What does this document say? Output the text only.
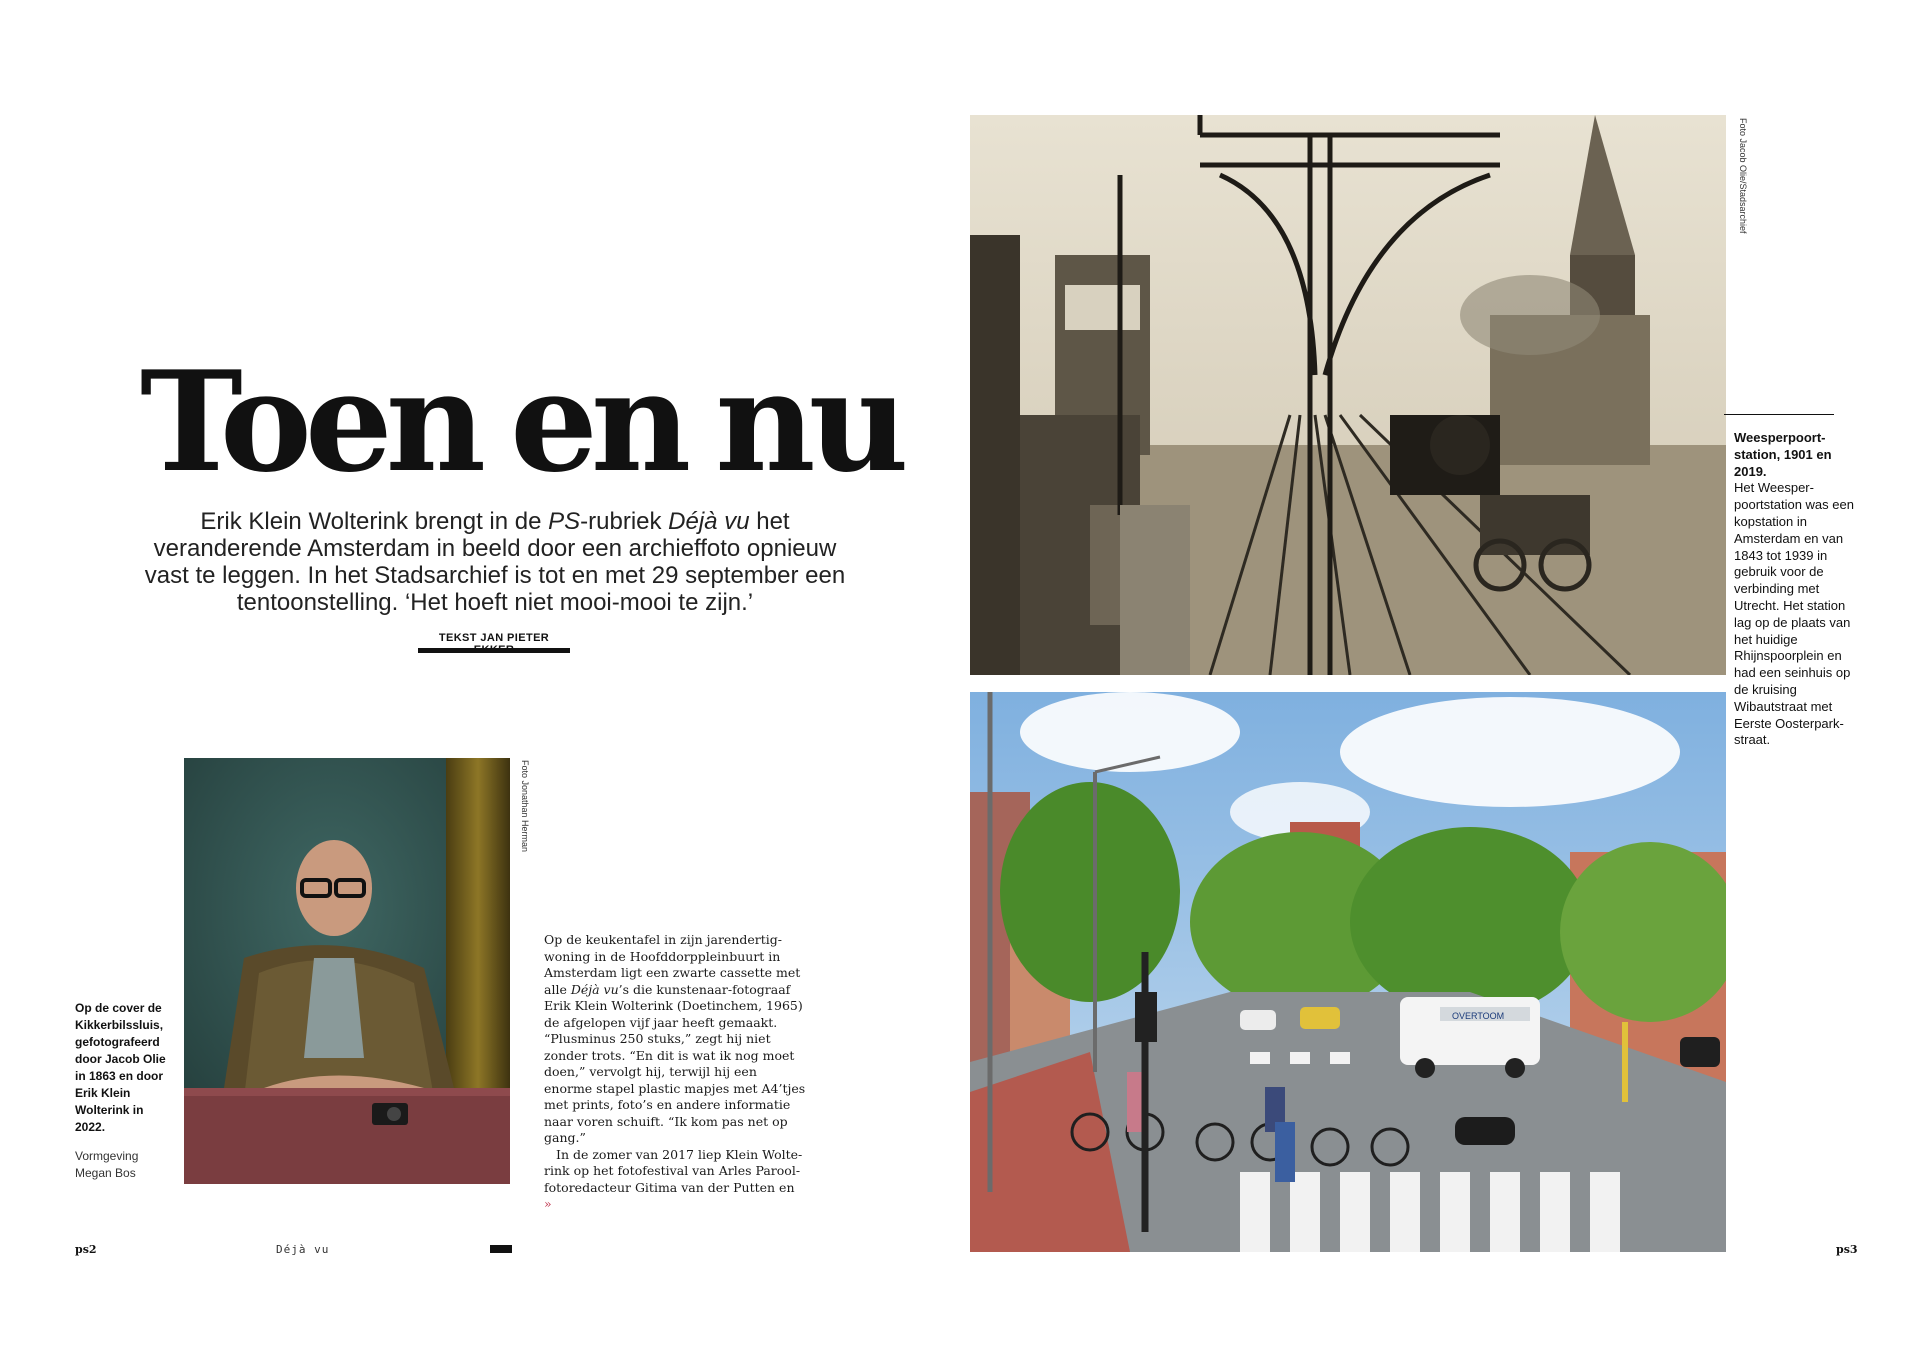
Toen en nu
Erik Klein Wolterink brengt in de PS-rubriek Déjà vu het veranderende Amsterdam in beeld door een archieffoto opnieuw vast te leggen. In het Stadsarchief is tot en met 29 september een tentoonstelling. ‘Het hoeft niet mooi-mooi te zijn.’
TEKST JAN PIETER
Foto Jonathan Herman
Op de cover de Kikkerbilssluis, gefotografeerd door Jacob Olie in 1863 en door Erik Klein Wolterink in 2022.
Vormgeving Megan Bos

Op de keukentafel in zijn jarendertigwoning in de Hoofddorppleinbuurt in Amsterdam ligt een zwarte cassette met alle Déjà vu’s die kunstenaar-fotograaf Erik Klein Wolterink (Doetinchem, 1965) de afgelopen vijf jaar heeft gemaakt. “Plusminus 250 stuks,” zegt hij niet zonder trots. “En dit is wat ik nog moet doen,” vervolgt hij, terwijl hij een enorme stapel plastic mapjes met A4’tjes met prints, foto’s en andere informatie naar voren schuift. “Ik kom pas net op gang.”

In de zomer van 2017 liep Klein Wolterink op het fotofestival van Arles Parool-fotoredacteur Gitima van der Putten en »

ps2	Déjà vu
Foto Jacob Olie/Stadsarchief
OVERTOOM
Weesperpoortstation, 1901 en 2019.
Het Weesperpoortstation was een kopstation in Amsterdam en van 1843 tot 1939 in gebruik voor de verbinding met Utrecht. Het station lag op de plaats van het huidige Rhijnspoorplein en had een seinhuis op de kruising Wibautstraat met Eerste Oosterparkstraat.
ps3
